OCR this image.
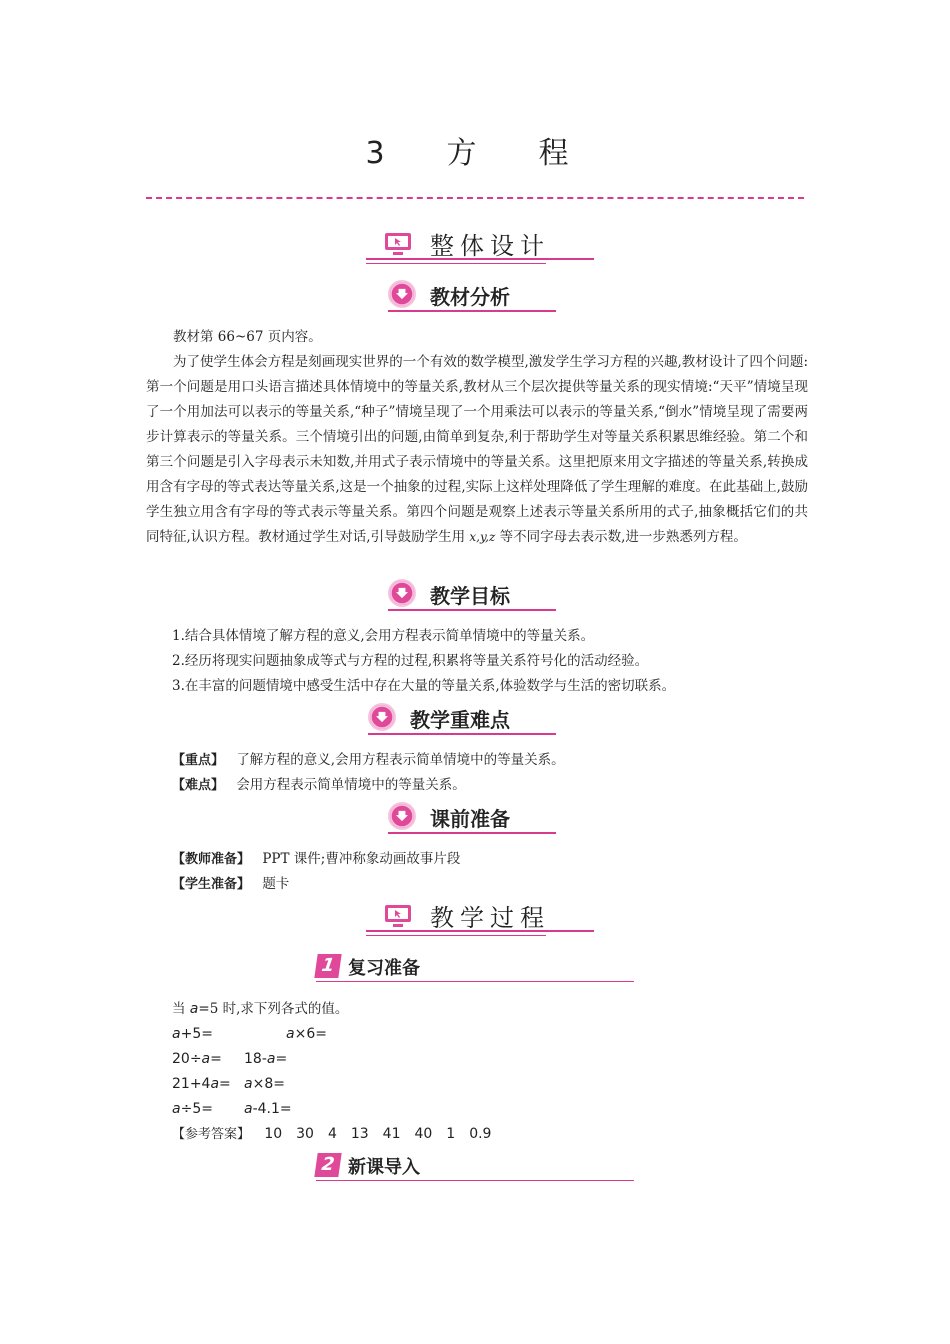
3　方　程
整体设计
教材分析

教材第 66~67 页内容。

为了使学生体会方程是刻画现实世界的一个有效的数学模型,激发学生学习方程的兴趣,教材设计了四个问题:第一个问题是用口头语言描述具体情境中的等量关系,教材从三个层次提供等量关系的现实情境:“天平”情境呈现了一个用加法可以表示的等量关系,“种子”情境呈现了一个用乘法可以表示的等量关系,“倒水”情境呈现了需要两步计算表示的等量关系。三个情境引出的问题,由简单到复杂,利于帮助学生对等量关系积累思维经验。第二个和第三个问题是引入字母表示未知数,并用式子表示情境中的等量关系。这里把原来用文字描述的等量关系,转换成用含有字母的等式表达等量关系,这是一个抽象的过程,实际上这样处理降低了学生理解的难度。在此基础上,鼓励学生独立用含有字母的等式表示等量关系。第四个问题是观察上述表示等量关系所用的式子,抽象概括它们的共同特征,认识方程。教材通过学生对话,引导鼓励学生用 x,y,z 等不同字母去表示数,进一步熟悉列方程。

教学目标
1.结合具体情境了解方程的意义,会用方程表示简单情境中的等量关系。
2.经历将现实问题抽象成等式与方程的过程,积累将等量关系符号化的活动经验。
3.在丰富的问题情境中感受生活中存在大量的等量关系,体验数学与生活的密切联系。
教学重难点
【重点】 了解方程的意义,会用方程表示简单情境中的等量关系。
【难点】 会用方程表示简单情境中的等量关系。
课前准备
【教师准备】 PPT 课件;曹冲称象动画故事片段
【学生准备】 题卡
教学过程
1 复习准备
当 a=5 时,求下列各式的值。
a+5=	a×6=
20÷a= 18-a=
21+4a= a×8=
a÷5= a-4.1=
【参考答案】 10　30　4　13　41　40　1　0.9
2 新课导入
